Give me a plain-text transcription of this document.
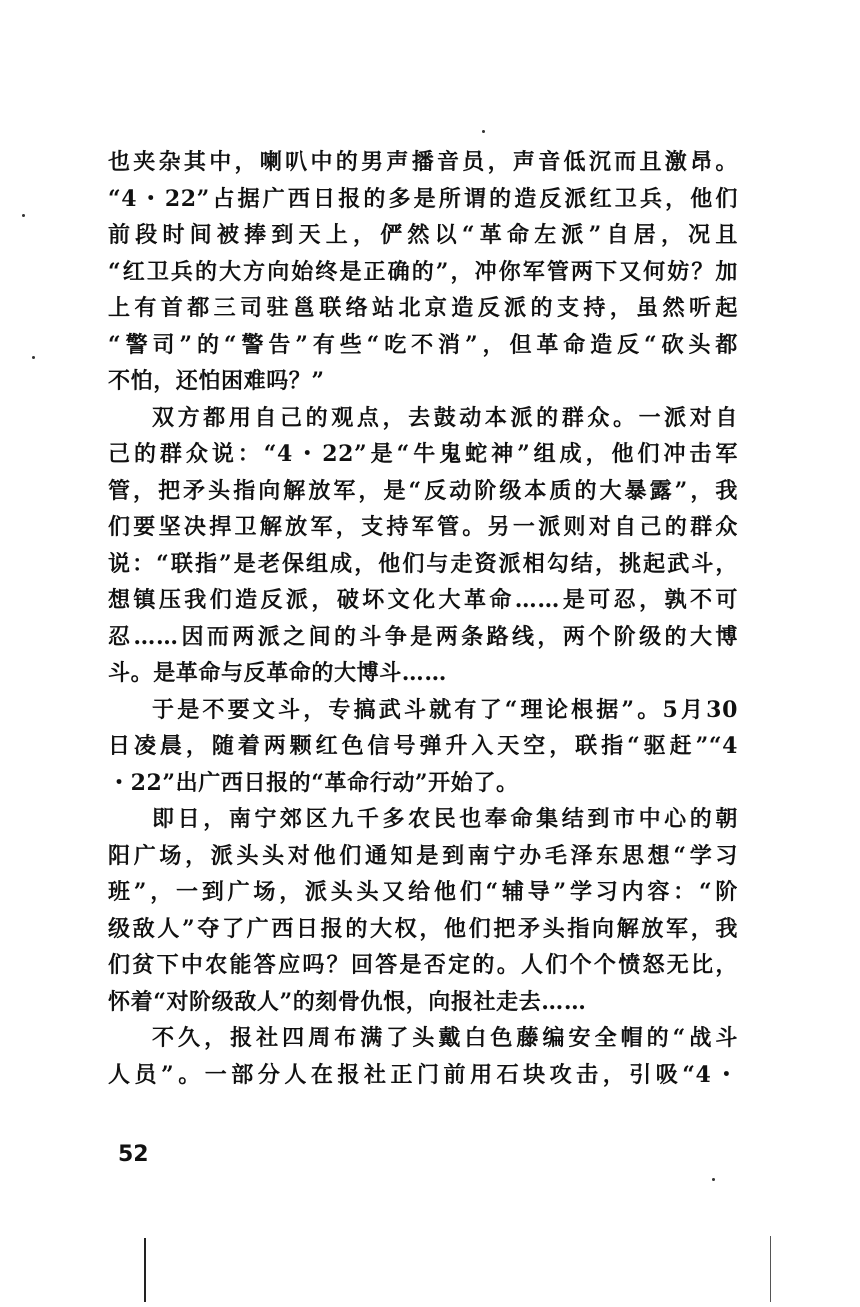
也夹杂其中，喇叭中的男声播音员，声音低沉而且激昂。
“4・22”占据广西日报的多是所谓的造反派红卫兵，他们
前段时间被捧到天上，俨然以“革命左派”自居，况且
“红卫兵的大方向始终是正确的”，冲你军管两下又何妨？加
上有首都三司驻邕联络站北京造反派的支持，虽然听起
“警司”的“警告”有些“吃不消”，但革命造反“砍头都
不怕，还怕困难吗？”
双方都用自己的观点，去鼓动本派的群众。一派对自
己的群众说：“4・22”是“牛鬼蛇神”组成，他们冲击军
管，把矛头指向解放军，是“反动阶级本质的大暴露”，我
们要坚决捍卫解放军，支持军管。另一派则对自己的群众
说：“联指”是老保组成，他们与走资派相勾结，挑起武斗，
想镇压我们造反派，破坏文化大革命……是可忍，孰不可
忍……因而两派之间的斗争是两条路线，两个阶级的大博
斗。是革命与反革命的大博斗……
于是不要文斗，专搞武斗就有了“理论根据”。5月30
日凌晨，随着两颗红色信号弹升入天空，联指“驱赶”“4
・22”出广西日报的“革命行动”开始了。
即日，南宁郊区九千多农民也奉命集结到市中心的朝
阳广场，派头头对他们通知是到南宁办毛泽东思想“学习
班”，一到广场，派头头又给他们“辅导”学习内容：“阶
级敌人”夺了广西日报的大权，他们把矛头指向解放军，我
们贫下中农能答应吗？回答是否定的。人们个个愤怒无比，
怀着“对阶级敌人”的刻骨仇恨，向报社走去……
不久，报社四周布满了头戴白色藤编安全帽的“战斗
人员”。一部分人在报社正门前用石块攻击，引吸“4・
52
